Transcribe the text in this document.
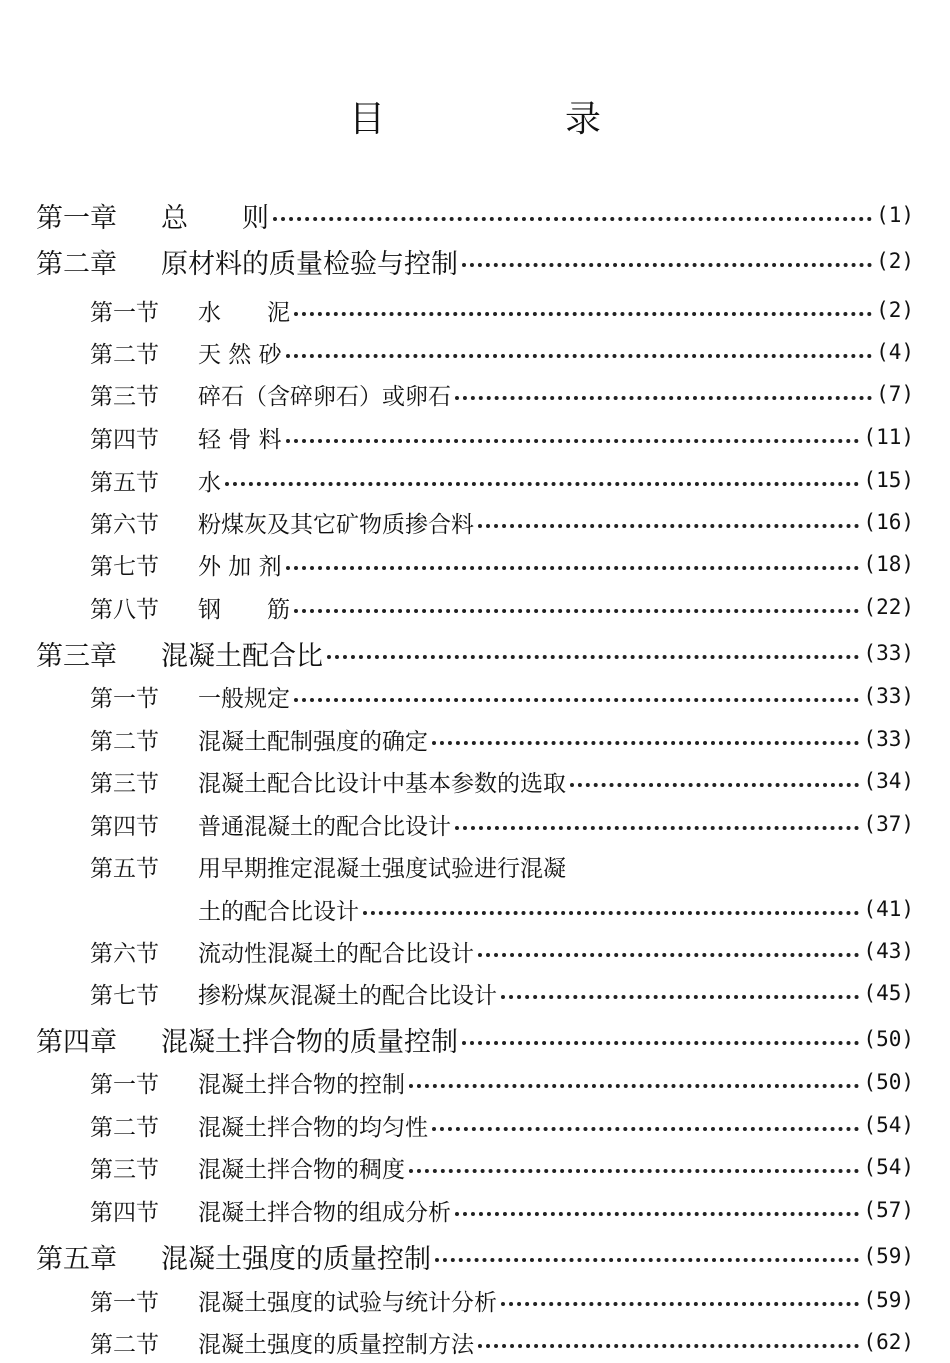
目　录
第一章	总　　则	(1)
第二章	原材料的质量检验与控制	(2)
第一节	水　　泥	(2)
第二节	天 然 砂	(4)
第三节	碎石（含碎卵石）或卵石	(7)
第四节	轻 骨 料	(11)
第五节	水	(15)
第六节	粉煤灰及其它矿物质掺合料	(16)
第七节	外 加 剂	(18)
第八节	钢　　筋	(22)
第三章	混凝土配合比	(33)
第一节	一般规定	(33)
第二节	混凝土配制强度的确定	(33)
第三节	混凝土配合比设计中基本参数的选取	(34)
第四节	普通混凝土的配合比设计	(37)
第五节	用早期推定混凝土强度试验进行混凝
土的配合比设计	(41)
第六节	流动性混凝土的配合比设计	(43)
第七节	掺粉煤灰混凝土的配合比设计	(45)
第四章	混凝土拌合物的质量控制	(50)
第一节	混凝土拌合物的控制	(50)
第二节	混凝土拌合物的均匀性	(54)
第三节	混凝土拌合物的稠度	(54)
第四节	混凝土拌合物的组成分析	(57)
第五章	混凝土强度的质量控制	(59)
第一节	混凝土强度的试验与统计分析	(59)
第二节	混凝土强度的质量控制方法	(62)
